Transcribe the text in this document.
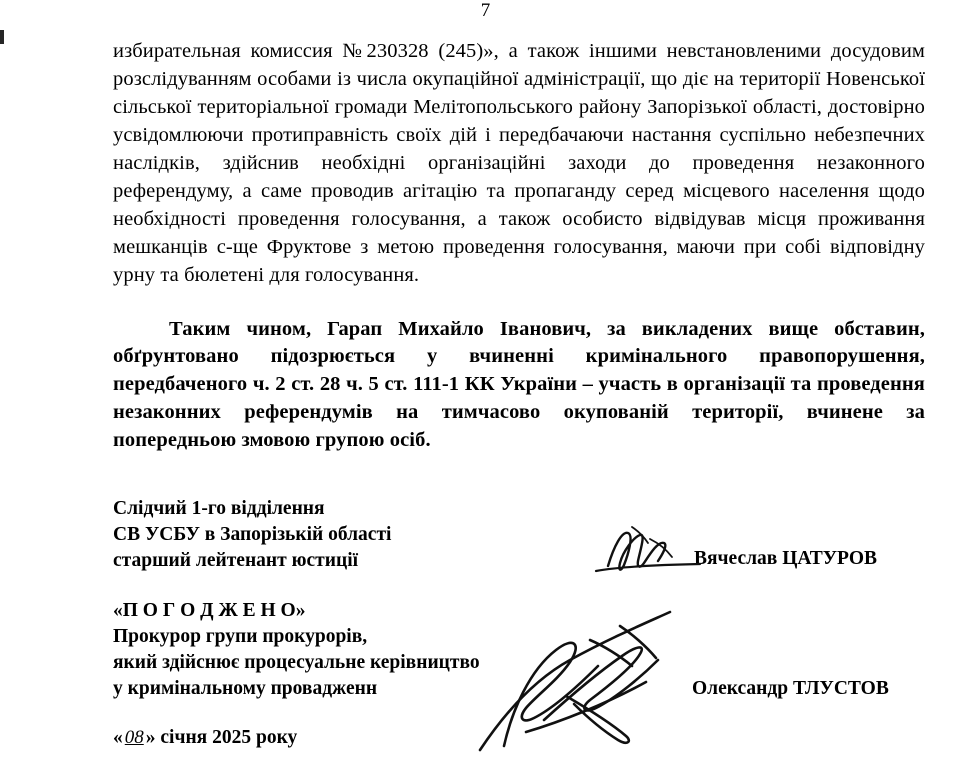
7

избирательная комиссия №230328 (245)», а також іншими невстановленими досудовим розслідуванням особами із числа окупаційної адміністрації, що діє на території Новенської сільської територіальної громади Мелітопольського району Запорізької області, достовірно усвідомлюючи протиправність своїх дій і передбачаючи настання суспільно небезпечних наслідків, здійснив необхідні організаційні заходи до проведення незаконного референдуму, а саме проводив агітацію та пропаганду серед місцевого населення щодо необхідності проведення голосування, а також особисто відвідував місця проживання мешканців с-ще Фруктове з метою проведення голосування, маючи при собі відповідну урну та бюлетені для голосування.

Таким чином, Гарап Михайло Іванович, за викладених вище обставин, обґрунтовано підозрюється у вчиненні кримінального правопорушення, передбаченого ч. 2 ст. 28 ч. 5 ст. 111-1 КК України – участь в організації та проведення незаконних референдумів на тимчасово окупованій території, вчинене за попередньою змовою групою осіб.

Слідчий 1-го відділення
СВ УСБУ в Запорізькій області
старший лейтенант юстиції	Вячеслав ЦАТУРОВ
«П О Г О Д Ж Е Н О»
Прокурор групи прокурорів,
який здійснює процесуальне керівництво
у кримінальному провадженн	Олександр ТЛУСТОВ
« 08 » січня 2025 року
